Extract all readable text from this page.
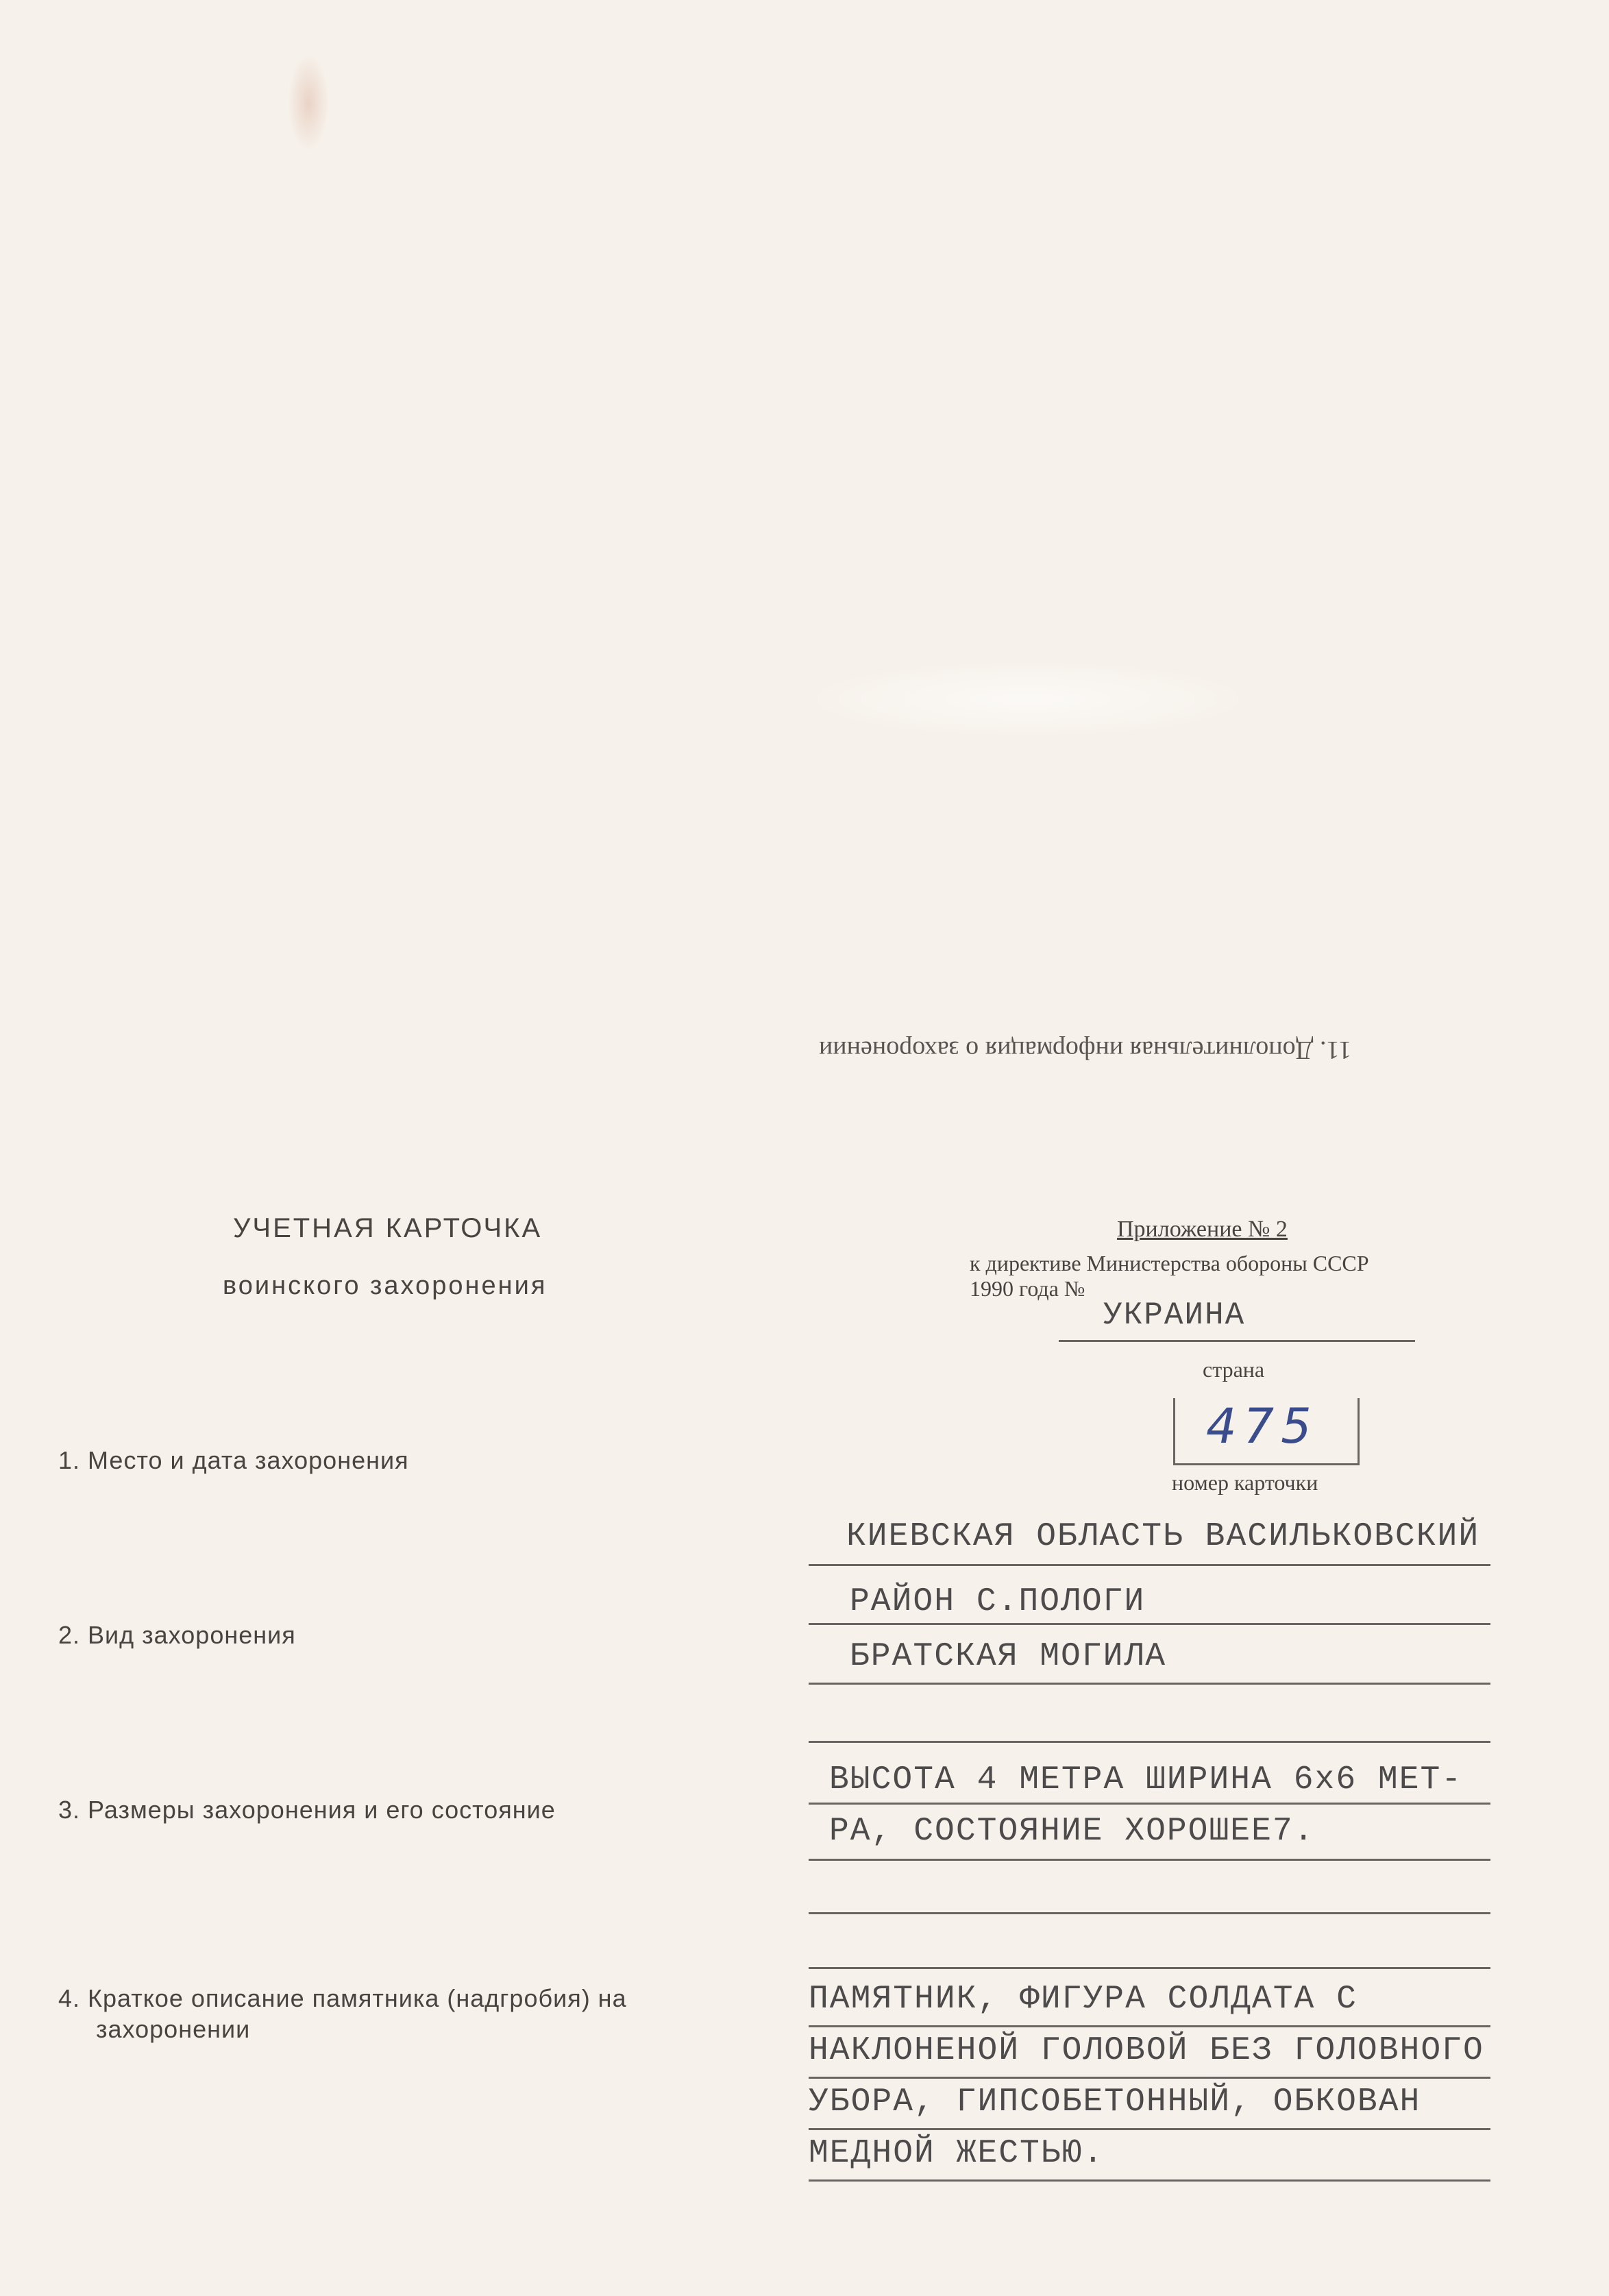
11. Дополнительная информация о захоронении
УЧЕТНАЯ КАРТОЧКА
воинского захоронения
Приложение № 2
к директиве Министерства обороны СССР
1990 года №
УКРАИНА
страна
475
номер карточки
1. Место и дата захоронения
КИЕВСКАЯ ОБЛАСТЬ ВАСИЛЬКОВСКИЙ
РАЙОН С.ПОЛОГИ
2. Вид захоронения
БРАТСКАЯ МОГИЛА
3. Размеры захоронения и его состояние
ВЫСОТА 4 МЕТРА ШИРИНА 6х6 МЕТ-
РА, СОСТОЯНИЕ ХОРОШЕЕ7.
4. Краткое описание памятника (надгробия) на
захоронении
ПАМЯТНИК, ФИГУРА СОЛДАТА С
НАКЛОНЕНОЙ ГОЛОВОЙ БЕЗ ГОЛОВНОГО
УБОРА, ГИПСОБЕТОННЫЙ, ОБКОВАН
МЕДНОЙ ЖЕСТЬЮ.
